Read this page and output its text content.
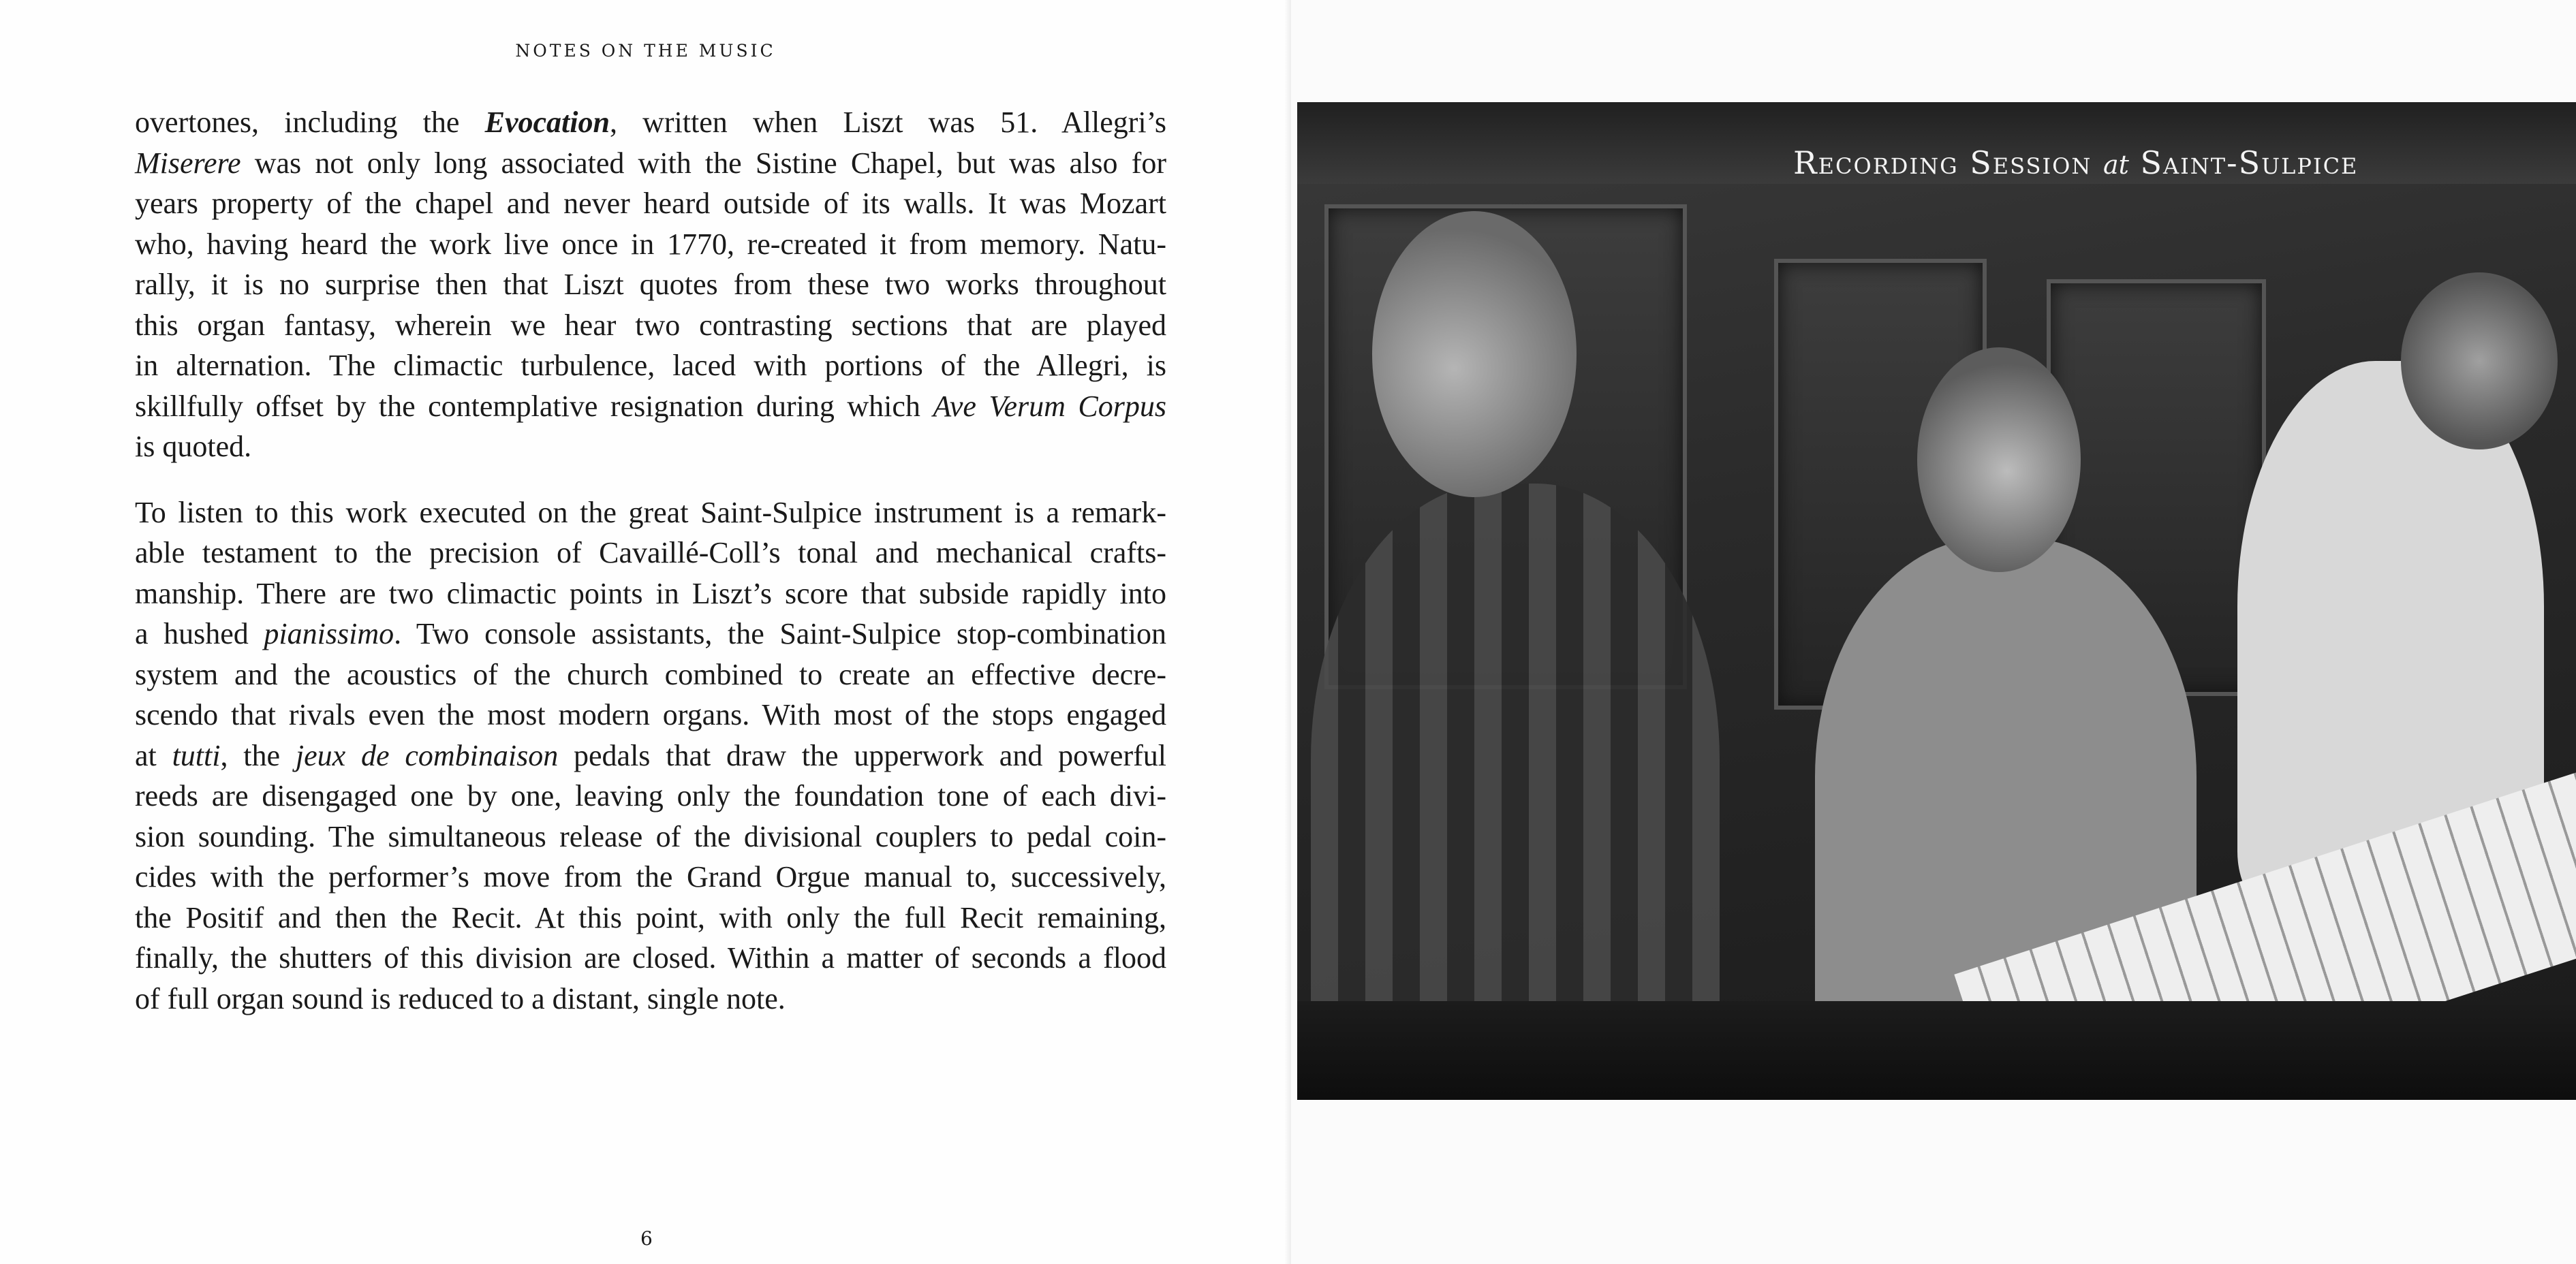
NOTES ON THE MUSIC
overtones, including the Evocation, written when Liszt was 51. Allegri’s
Miserere was not only long associated with the Sistine Chapel, but was also for
years property of the chapel and never heard outside of its walls. It was Mozart
who, having heard the work live once in 1770, re-created it from memory. Natu-
rally, it is no surprise then that Liszt quotes from these two works throughout
this organ fantasy, wherein we hear two contrasting sections that are played
in alternation. The climactic turbulence, laced with portions of the Allegri, is
skillfully offset by the contemplative resignation during which Ave Verum Corpus
is quoted.
To listen to this work executed on the great Saint-Sulpice instrument is a remark-
able testament to the precision of Cavaillé-Coll’s tonal and mechanical crafts-
manship. There are two climactic points in Liszt’s score that subside rapidly into
a hushed pianissimo. Two console assistants, the Saint-Sulpice stop-combination
system and the acoustics of the church combined to create an effective decre-
scendo that rivals even the most modern organs. With most of the stops engaged
at tutti, the jeux de combinaison pedals that draw the upperwork and powerful
reeds are disengaged one by one, leaving only the foundation tone of each divi-
sion sounding. The simultaneous release of the divisional couplers to pedal coin-
cides with the performer’s move from the Grand Orgue manual to, successively,
the Positif and then the Recit. At this point, with only the full Recit remaining,
finally, the shutters of this division are closed. Within a matter of seconds a flood
of full organ sound is reduced to a distant, single note.
6
Recording Session at Saint-Sulpice
